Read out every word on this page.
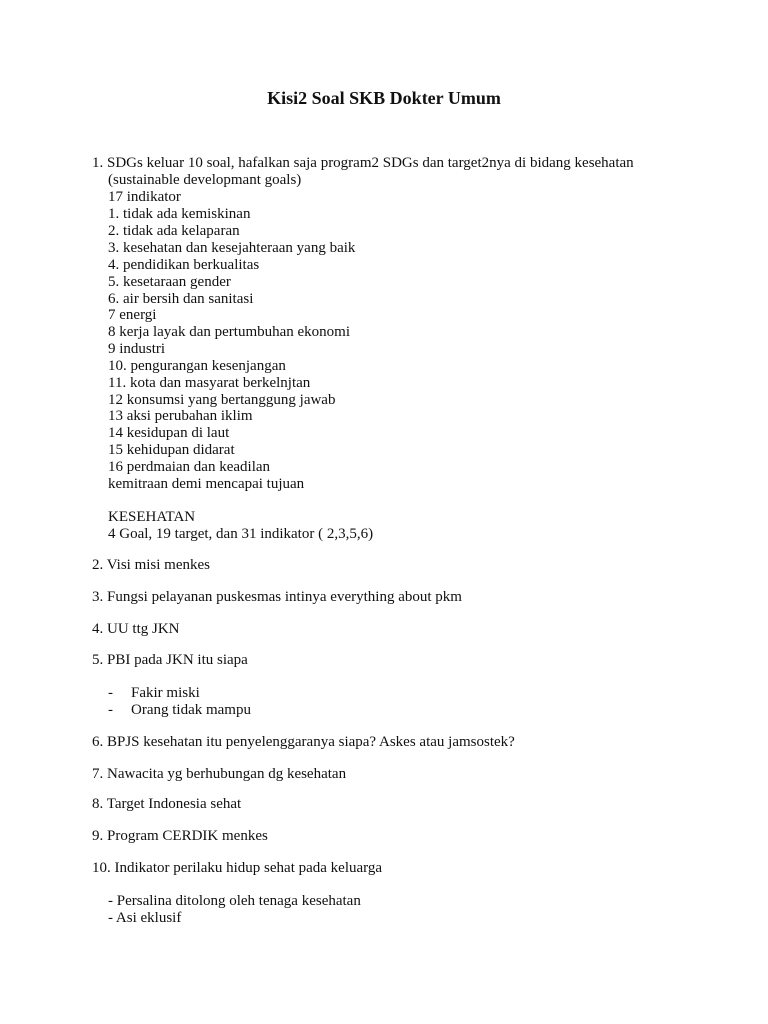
Kisi2 Soal SKB Dokter Umum
1. SDGs keluar 10 soal, hafalkan saja program2 SDGs dan target2nya di bidang kesehatan
(sustainable developmant goals)
17 indikator
1. tidak ada kemiskinan
2. tidak ada kelaparan
3. kesehatan dan kesejahteraan yang baik
4. pendidikan berkualitas
5. kesetaraan gender
6. air bersih dan sanitasi
7 energi
8 kerja layak dan pertumbuhan ekonomi
9 industri
10. pengurangan kesenjangan
11. kota dan masyarat berkelnjtan
12 konsumsi yang bertanggung jawab
13 aksi perubahan iklim
14 kesidupan di laut
15 kehidupan didarat
16 perdmaian dan keadilan
kemitraan demi mencapai tujuan
KESEHATAN
4 Goal, 19 target, dan 31 indikator ( 2,3,5,6)
2. Visi misi menkes
3. Fungsi pelayanan puskesmas intinya everything about pkm
4. UU ttg JKN
5. PBI pada JKN itu siapa
- Fakir miski
- Orang tidak mampu
6. BPJS kesehatan itu penyelenggaranya siapa? Askes atau jamsostek?
7. Nawacita yg berhubungan dg kesehatan
8. Target Indonesia sehat
9. Program CERDIK menkes
10. Indikator perilaku hidup sehat pada keluarga
- Persalina ditolong oleh tenaga kesehatan
- Asi eklusif
